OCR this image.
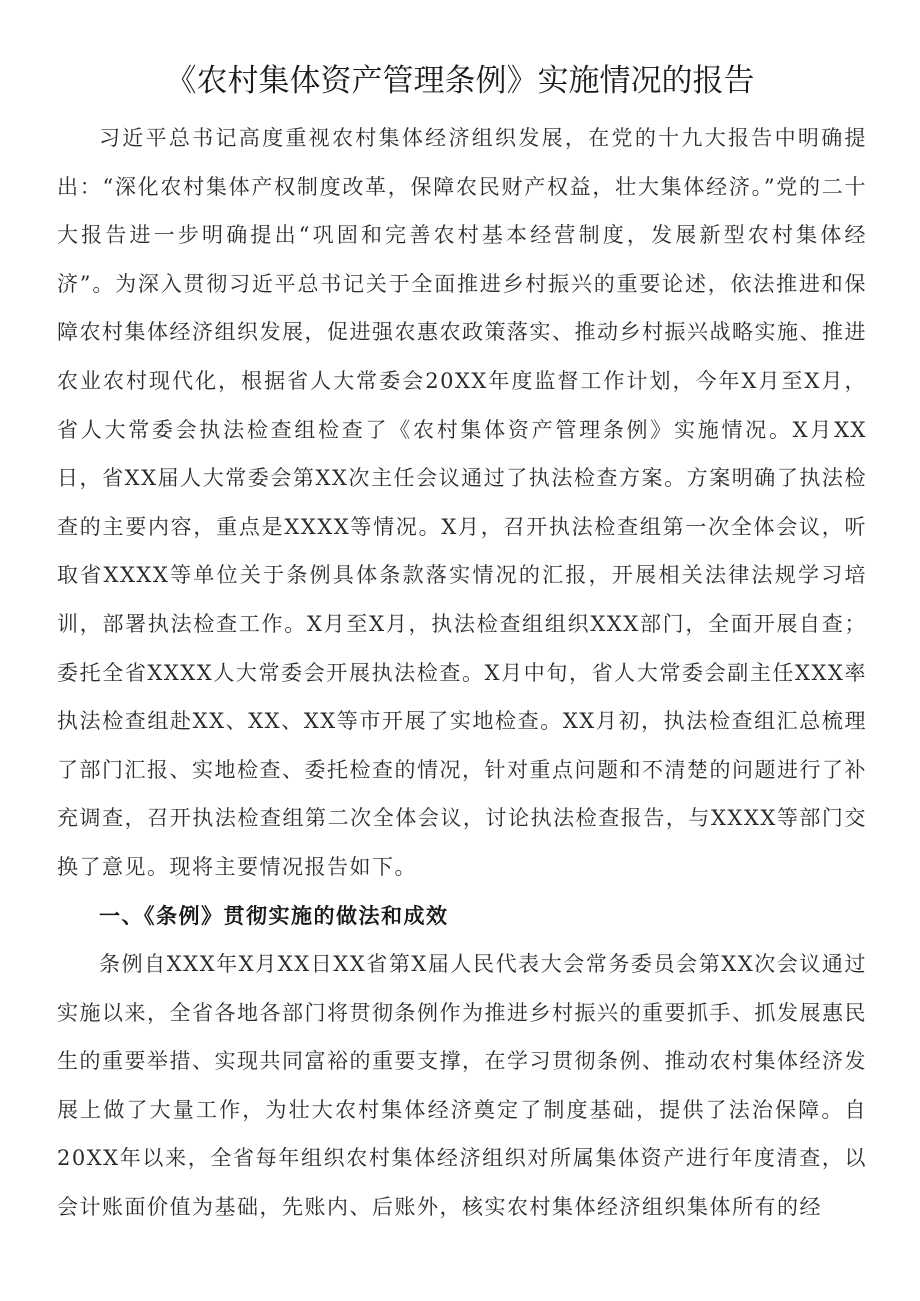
《农村集体资产管理条例》实施情况的报告

习近平总书记高度重视农村集体经济组织发展，在党的十九大报告中明确提出：“深化农村集体产权制度改革，保障农民财产权益，壮大集体经济。”党的二十大报告进一步明确提出“巩固和完善农村基本经营制度，发展新型农村集体经济”。为深入贯彻习近平总书记关于全面推进乡村振兴的重要论述，依法推进和保障农村集体经济组织发展，促进强农惠农政策落实、推动乡村振兴战略实施、推进农业农村现代化，根据省人大常委会20XX年度监督工作计划，今年X月至X月，省人大常委会执法检查组检查了《农村集体资产管理条例》实施情况。X月XX日，省XX届人大常委会第XX次主任会议通过了执法检查方案。方案明确了执法检查的主要内容，重点是XXXX等情况。X月，召开执法检查组第一次全体会议，听取省XXXX等单位关于条例具体条款落实情况的汇报，开展相关法律法规学习培训，部署执法检查工作。X月至X月，执法检查组组织XXX部门，全面开展自查；委托全省XXXX人大常委会开展执法检查。X月中旬，省人大常委会副主任XXX率执法检查组赴XX、XX、XX等市开展了实地检查。XX月初，执法检查组汇总梳理了部门汇报、实地检查、委托检查的情况，针对重点问题和不清楚的问题进行了补充调查，召开执法检查组第二次全体会议，讨论执法检查报告，与XXXX等部门交换了意见。现将主要情况报告如下。

一、《条例》贯彻实施的做法和成效

条例自XXX年X月XX日XX省第X届人民代表大会常务委员会第XX次会议通过实施以来，全省各地各部门将贯彻条例作为推进乡村振兴的重要抓手、抓发展惠民生的重要举措、实现共同富裕的重要支撑，在学习贯彻条例、推动农村集体经济发展上做了大量工作，为壮大农村集体经济奠定了制度基础，提供了法治保障。自20XX年以来，全省每年组织农村集体经济组织对所属集体资产进行年度清查，以会计账面价值为基础，先账内、后账外，核实农村集体经济组织集体所有的经
